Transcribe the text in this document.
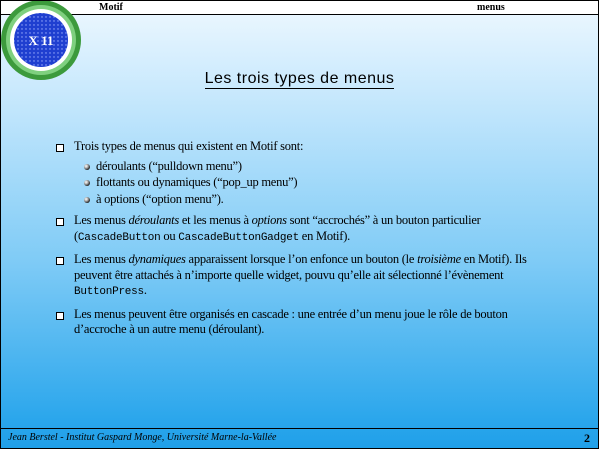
Motif	menus
X 11
Les trois types de menus
Trois types de menus qui existent en Motif sont:
déroulants (“pulldown menu”)
flottants ou dynamiques (“pop_up menu”)
à options (“option menu”).
Les menus déroulants et les menus à options sont “accrochés” à un bouton particulier (CascadeButton ou CascadeButtonGadget en Motif).
Les menus dynamiques apparaissent lorsque l’on enfonce un bouton (le troisième en Motif). Ils peuvent être attachés à n’importe quelle widget, pouvu qu’elle ait sélectionné l’évènement ButtonPress.
Les menus peuvent être organisés en cascade : une entrée d’un menu joue le rôle de bouton d’accroche à un autre menu (déroulant).
Jean Berstel - Institut Gaspard Monge, Université Marne-la-Vallée	2
